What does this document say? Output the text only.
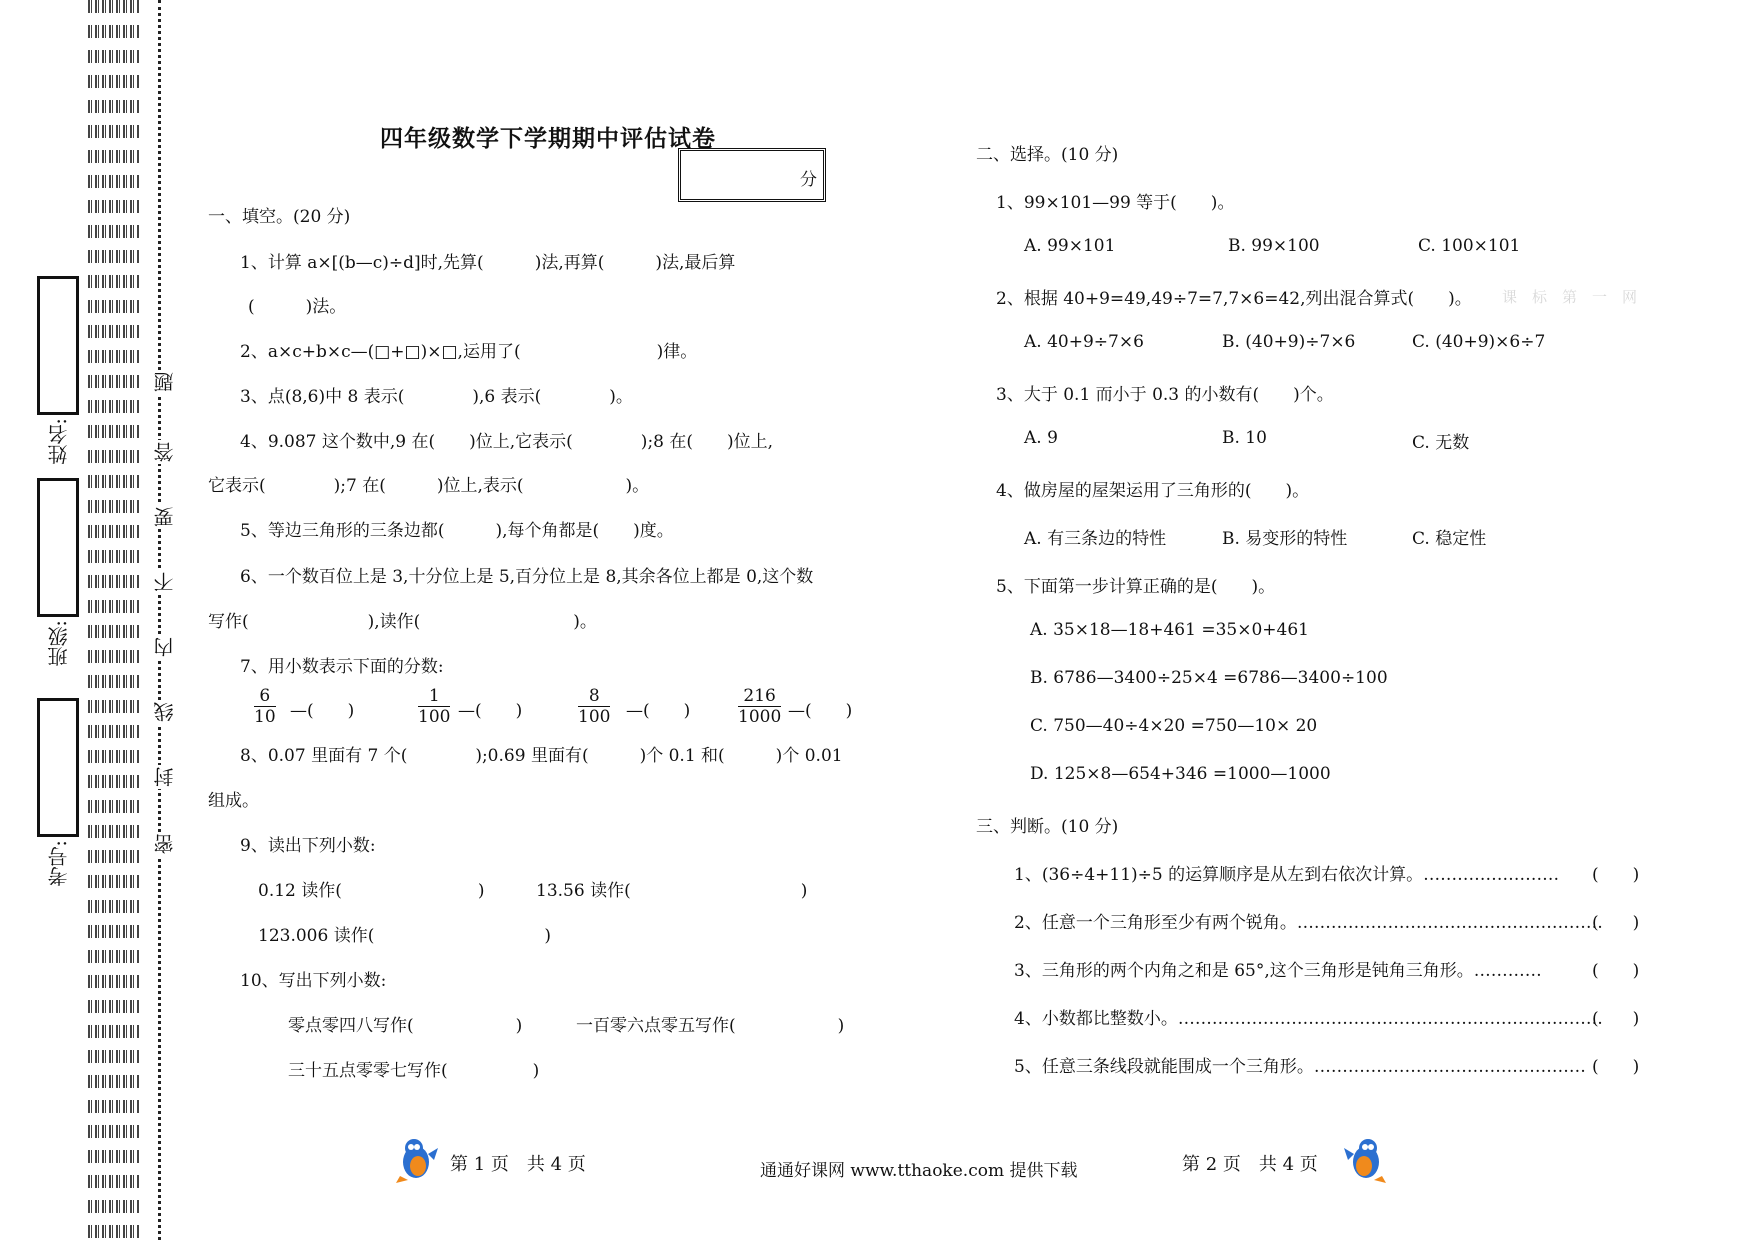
姓名:
班级:
考号:
题
答
要
不
内
线
封
密
四年级数学下学期期中评估试卷
分
一、填空。(20 分)
1、计算 a×[(b—c)÷d]时,先算(　　　)法,再算(　　　)法,最后算
(　　　)法。
2、a×c+b×c—(□+□)×□,运用了(　　　　　　　　)律。
3、点(8,6)中 8 表示(　　　　),6 表示(　　　　)。
4、9.087 这个数中,9 在(　　)位上,它表示(　　　　);8 在(　　)位上,
它表示(　　　　);7 在(　　　)位上,表示(　　　　　　)。
5、等边三角形的三条边都(　　　),每个角都是(　　)度。
6、一个数百位上是 3,十分位上是 5,百分位上是 8,其余各位上都是 0,这个数
写作(　　　　　　　),读作(　　　　　　　　　)。
7、用小数表示下面的分数:
$\frac{6}{10}$ —(　　)	$\frac{1}{100}$ —(　　)	$\frac{8}{100}$ —(　　)	$\frac{216}{1000}$ —(　　)
8、0.07 里面有 7 个(　　　　);0.69 里面有(　　　)个 0.1 和(　　　)个 0.01
组成。
9、读出下列小数:
0.12 读作(　　　　　　　　)	13.56 读作(　　　　　　　　　　)
123.006 读作(　　　　　　　　　　)
10、写出下列小数:
零点零四八写作(　　　　　　)	一百零六点零五写作(　　　　　　)
三十五点零零七写作(　　　　　)
二、选择。(10 分)
1、99×101—99 等于(　　)。
A. 99×101	B. 99×100	C. 100×101
2、根据 40+9=49,49÷7=7,7×6=42,列出混合算式(　　)。 课　标　第　一　网
A. 40+9÷7×6	B. (40+9)÷7×6	C. (40+9)×6÷7
3、大于 0.1 而小于 0.3 的小数有(　　)个。
A. 9	B. 10	C. 无数
4、做房屋的屋架运用了三角形的(　　)。
A. 有三条边的特性	B. 易变形的特性	C. 稳定性
5、下面第一步计算正确的是(　　)。
A. 35×18—18+461 =35×0+461
B. 6786—3400÷25×4 =6786—3400÷100
C. 750—40÷4×20 =750—10× 20
D. 125×8—654+346 =1000—1000
三、判断。(10 分)
1、(36÷4+11)÷5 的运算顺序是从左到右依次计算。…………………… (　　)
2、任意一个三角形至少有两个锐角。………………………………………………
(　　)
3、三角形的两个内角之和是 65°,这个三角形是钝角三角形。…………	(　　)
4、小数都比整数小。…………………………………………………………………
(　　)
5、任意三条线段就能围成一个三角形。………………………………………… (　　)
第 1 页　共 4 页	通通好课网 www.tthaoke.com 提供下载	第 2 页　共 4 页
